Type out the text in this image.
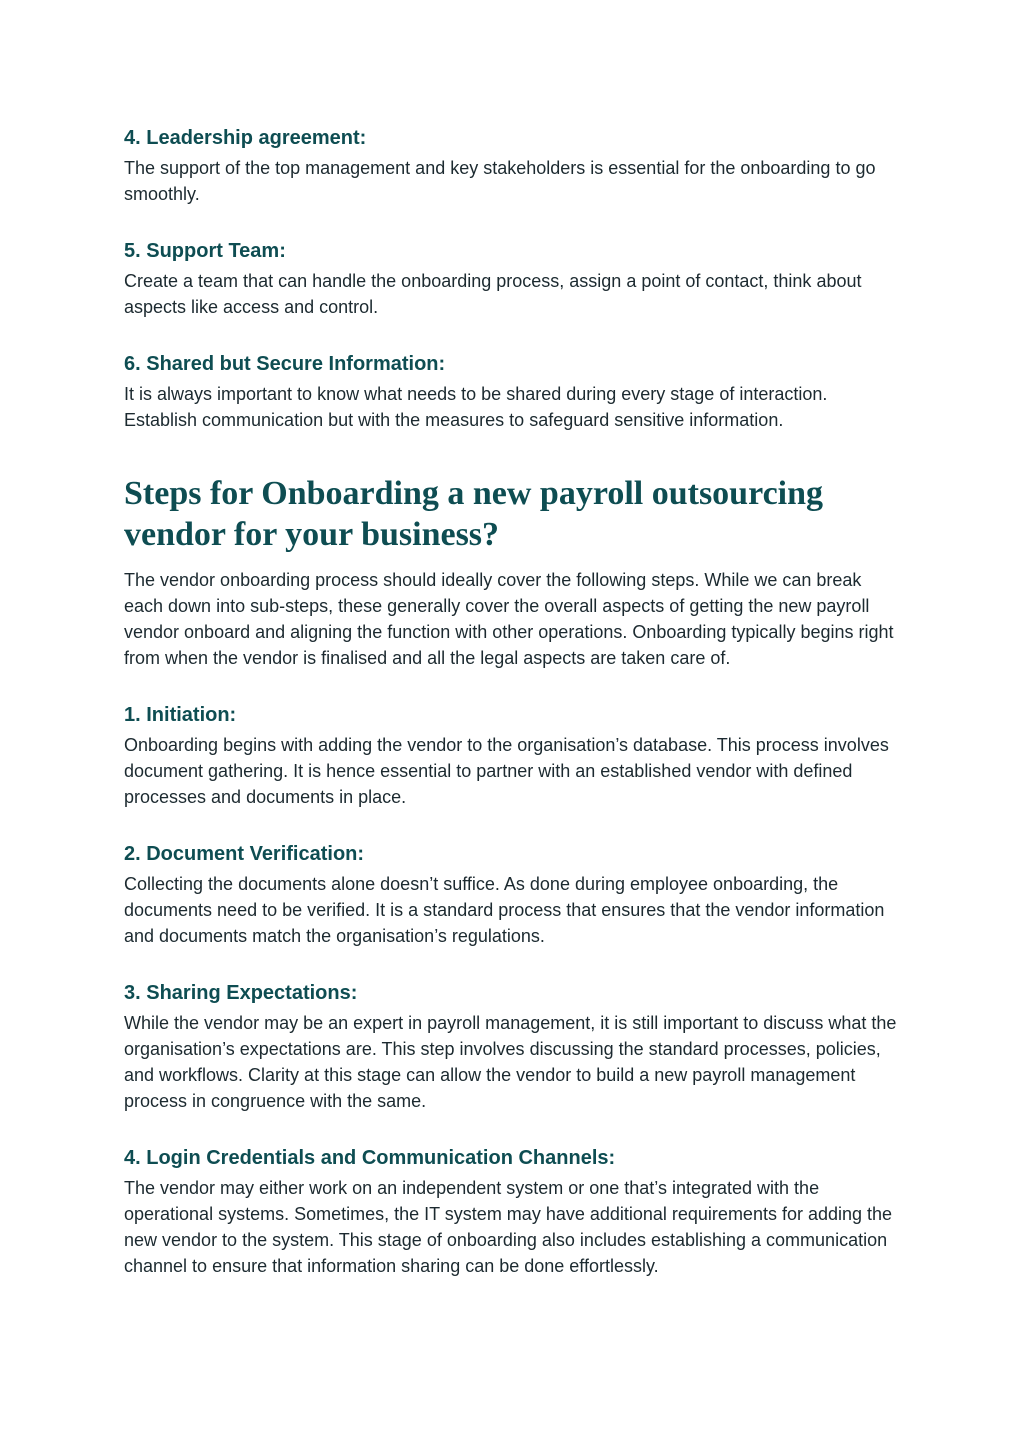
4. Leadership agreement:

The support of the top management and key stakeholders is essential for the onboarding to go smoothly.

5. Support Team:

Create a team that can handle the onboarding process, assign a point of contact, think about aspects like access and control.

6. Shared but Secure Information:

It is always important to know what needs to be shared during every stage of interaction. Establish communication but with the measures to safeguard sensitive information.

Steps for Onboarding a new payroll outsourcing vendor for your business?

The vendor onboarding process should ideally cover the following steps. While we can break each down into sub-steps, these generally cover the overall aspects of getting the new payroll vendor onboard and aligning the function with other operations. Onboarding typically begins right from when the vendor is finalised and all the legal aspects are taken care of.

1. Initiation:

Onboarding begins with adding the vendor to the organisation’s database. This process involves document gathering. It is hence essential to partner with an established vendor with defined processes and documents in place.

2. Document Verification:

Collecting the documents alone doesn’t suffice. As done during employee onboarding, the documents need to be verified. It is a standard process that ensures that the vendor information and documents match the organisation’s regulations.

3. Sharing Expectations:

While the vendor may be an expert in payroll management, it is still important to discuss what the organisation’s expectations are. This step involves discussing the standard processes, policies, and workflows. Clarity at this stage can allow the vendor to build a new payroll management process in congruence with the same.

4. Login Credentials and Communication Channels:

The vendor may either work on an independent system or one that’s integrated with the operational systems. Sometimes, the IT system may have additional requirements for adding the new vendor to the system. This stage of onboarding also includes establishing a communication channel to ensure that information sharing can be done effortlessly.
